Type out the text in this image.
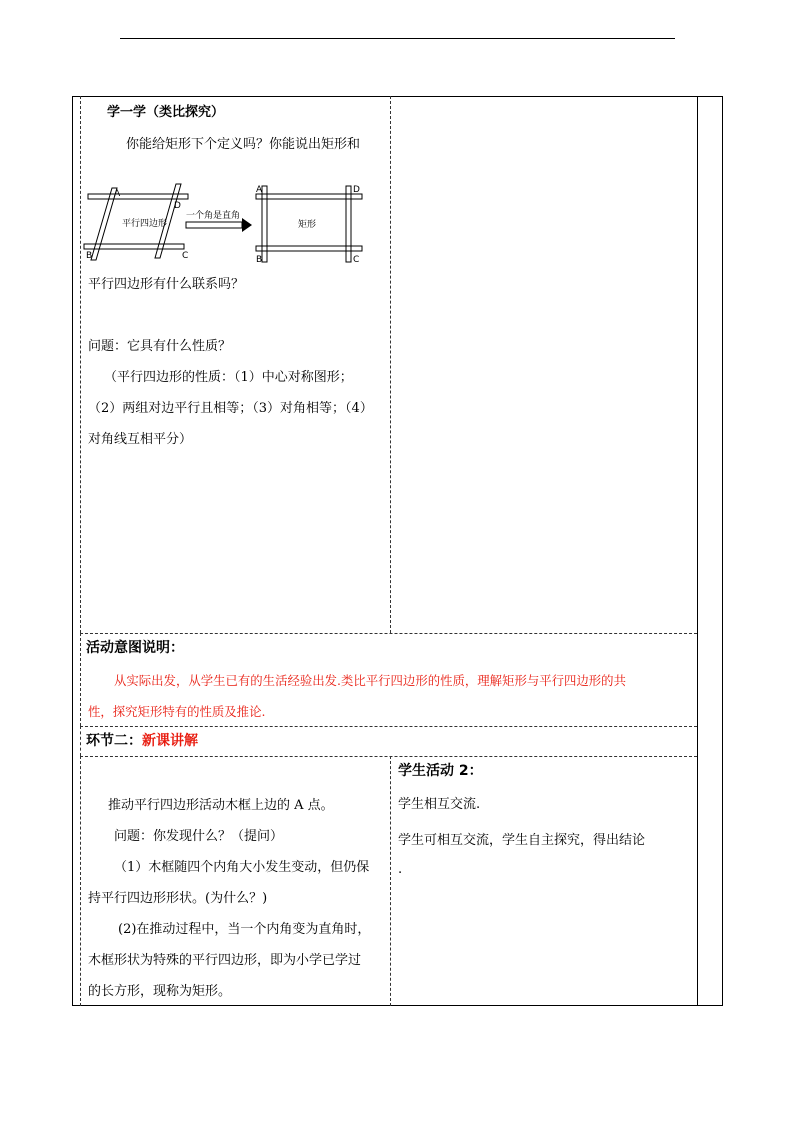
学一学（类比探究）
你能给矩形下个定义吗？你能说出矩形和
平行四边形
A
D
B	C
一个角是直角
矩形
A	D
B	C
平行四边形有什么联系吗？
问题：它具有什么性质？
（平行四边形的性质：（1）中心对称图形；
（2）两组对边平行且相等；（3）对角相等；（4）
对角线互相平分）
活动意图说明：
从实际出发，从学生已有的生活经验出发.类比平行四边形的性质，理解矩形与平行四边形的共
性，探究矩形特有的性质及推论.
环节二：新课讲解
推动平行四边形活动木框上边的 A 点。
问题：你发现什么？（提问）
（1）木框随四个内角大小发生变动，但仍保
持平行四边形形状。(为什么？)
(2)在推动过程中，当一个内角变为直角时，
木框形状为特殊的平行四边形，即为小学已学过
的长方形，现称为矩形。
学生活动 2：
学生相互交流.
学生可相互交流，学生自主探究，得出结论
.
